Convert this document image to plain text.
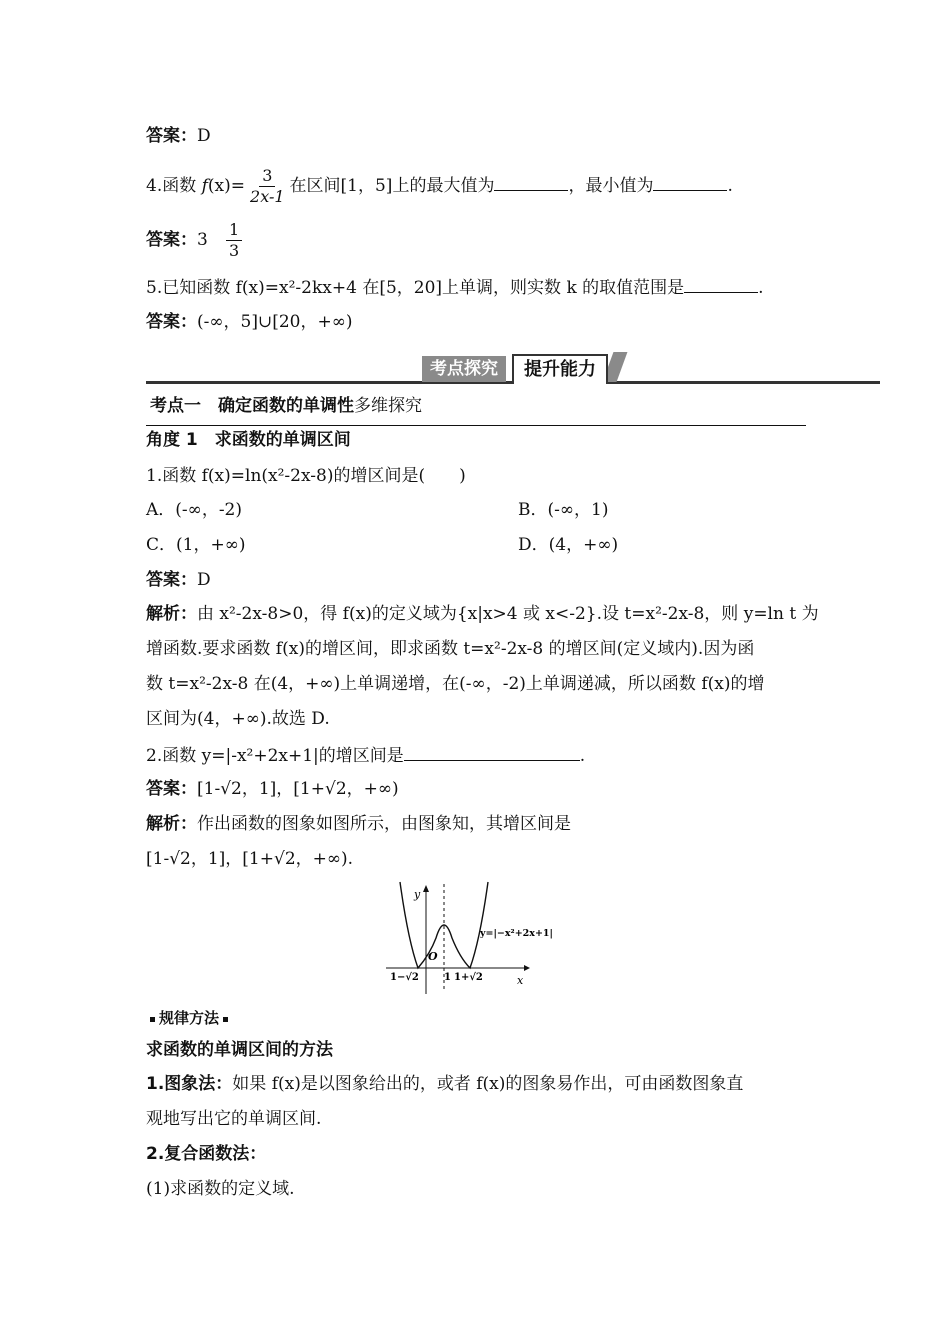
答案：D
4.函数 $f(x)= \frac{3}{2x-1}$ 在区间[1，5]上的最大值为	，最小值为	.
答案：$3 \frac{1}{3}$
5.已知函数 f(x)=x²-2kx+4 在[5，20]上单调，则实数 k 的取值范围是	.
答案：(-∞，5]∪[20，+∞)
考点探究	提升能力
考点一　确定函数的单调性多维探究
角度 1　求函数的单调区间
1.函数 f(x)=ln(x²-2x-8)的增区间是(　　)
A．(-∞，-2)	B．(-∞，1)
C．(1，+∞)	D．(4，+∞)
答案：D
解析：由 x²-2x-8>0，得 f(x)的定义域为{x|x>4 或 x<-2}.设 t=x²-2x-8，则 y=ln t 为
增函数.要求函数 f(x)的增区间，即求函数 t=x²-2x-8 的增区间(定义域内).因为函
数 t=x²-2x-8 在(4，+∞)上单调递增，在(-∞，-2)上单调递减，所以函数 f(x)的增
区间为(4，+∞).故选 D.
2.函数 y=|-x²+2x+1|的增区间是	.
答案：[1-√2，1]，[1+√2，+∞)
解析：作出函数的图象如图所示，由图象知，其增区间是
[1-√2，1]，[1+√2，+∞).
y
x
O
y=|−x²+2x+1|
1−√2	1 1+√2
规律方法
求函数的单调区间的方法
1.图象法：如果 f(x)是以图象给出的，或者 f(x)的图象易作出，可由函数图象直
观地写出它的单调区间.
2.复合函数法：
(1)求函数的定义域.
